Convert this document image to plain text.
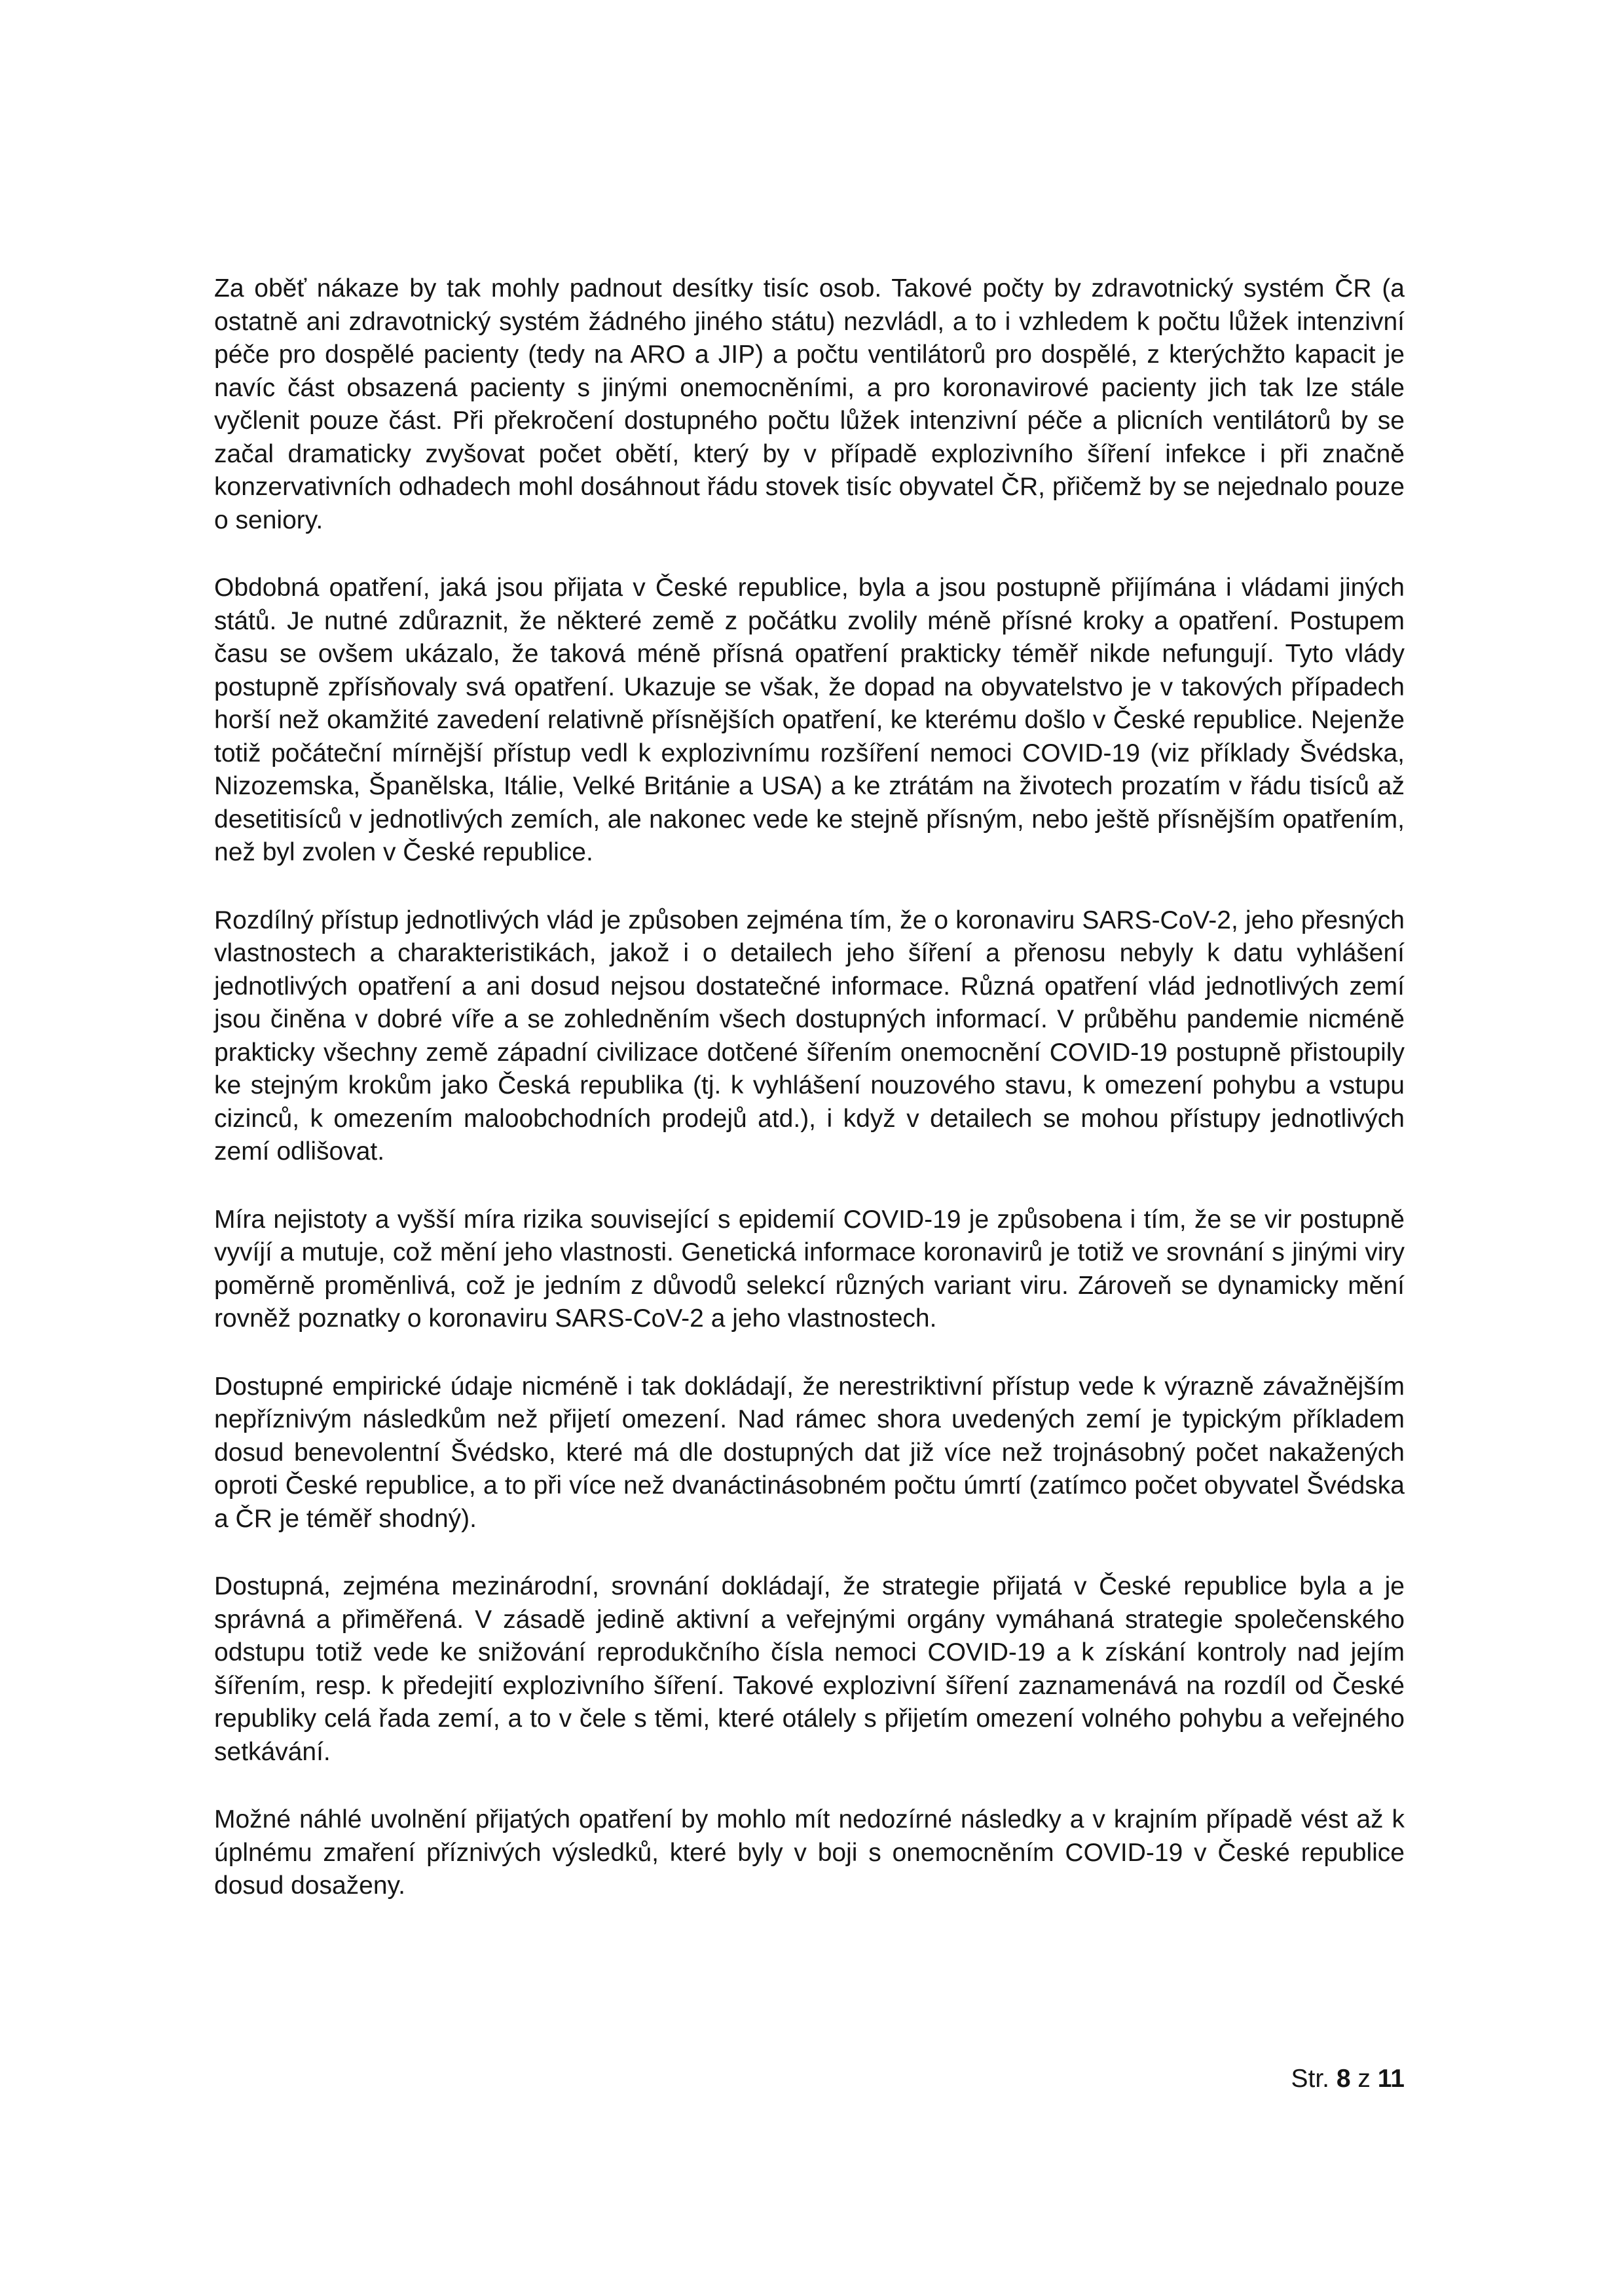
Za oběť nákaze by tak mohly padnout desítky tisíc osob. Takové počty by zdravotnický systém ČR (a ostatně ani zdravotnický systém žádného jiného státu) nezvládl, a to i vzhledem k počtu lůžek intenzivní péče pro dospělé pacienty (tedy na ARO a JIP) a počtu ventilátorů pro dospělé, z kterýchžto kapacit je navíc část obsazená pacienty s jinými onemocněními, a pro koronavirové pacienty jich tak lze stále vyčlenit pouze část. Při překročení dostupného počtu lůžek intenzivní péče a plicních ventilátorů by se začal dramaticky zvyšovat počet obětí, který by v případě explozivního šíření infekce i při značně konzervativních odhadech mohl dosáhnout řádu stovek tisíc obyvatel ČR, přičemž by se nejednalo pouze o seniory.

Obdobná opatření, jaká jsou přijata v České republice, byla a jsou postupně přijímána i vládami jiných států. Je nutné zdůraznit, že některé země z počátku zvolily méně přísné kroky a opatření. Postupem času se ovšem ukázalo, že taková méně přísná opatření prakticky téměř nikde nefungují. Tyto vlády postupně zpřísňovaly svá opatření. Ukazuje se však, že dopad na obyvatelstvo je v takových případech horší než okamžité zavedení relativně přísnějších opatření, ke kterému došlo v České republice. Nejenže totiž počáteční mírnější přístup vedl k explozivnímu rozšíření nemoci COVID-19 (viz příklady Švédska, Nizozemska, Španělska, Itálie, Velké Británie a USA) a ke ztrátám na životech prozatím v řádu tisíců až desetitisíců v jednotlivých zemích, ale nakonec vede ke stejně přísným, nebo ještě přísnějším opatřením, než byl zvolen v České republice.

Rozdílný přístup jednotlivých vlád je způsoben zejména tím, že o koronaviru SARS-CoV-2, jeho přesných vlastnostech a charakteristikách, jakož i o detailech jeho šíření a přenosu nebyly k datu vyhlášení jednotlivých opatření a ani dosud nejsou dostatečné informace. Různá opatření vlád jednotlivých zemí jsou činěna v dobré víře a se zohledněním všech dostupných informací. V průběhu pandemie nicméně prakticky všechny země západní civilizace dotčené šířením onemocnění COVID-19 postupně přistoupily ke stejným krokům jako Česká republika (tj. k vyhlášení nouzového stavu, k omezení pohybu a vstupu cizinců, k omezením maloobchodních prodejů atd.), i když v detailech se mohou přístupy jednotlivých zemí odlišovat.

Míra nejistoty a vyšší míra rizika související s epidemií COVID-19 je způsobena i tím, že se vir postupně vyvíjí a mutuje, což mění jeho vlastnosti. Genetická informace koronavirů je totiž ve srovnání s jinými viry poměrně proměnlivá, což je jedním z důvodů selekcí různých variant viru. Zároveň se dynamicky mění rovněž poznatky o koronaviru SARS-CoV-2 a jeho vlastnostech.

Dostupné empirické údaje nicméně i tak dokládají, že nerestriktivní přístup vede k výrazně závažnějším nepříznivým následkům než přijetí omezení. Nad rámec shora uvedených zemí je typickým příkladem dosud benevolentní Švédsko, které má dle dostupných dat již více než trojnásobný počet nakažených oproti České republice, a to při více než dvanáctinásobném počtu úmrtí (zatímco počet obyvatel Švédska a ČR je téměř shodný).

Dostupná, zejména mezinárodní, srovnání dokládají, že strategie přijatá v České republice byla a je správná a přiměřená. V zásadě jedině aktivní a veřejnými orgány vymáhaná strategie společenského odstupu totiž vede ke snižování reprodukčního čísla nemoci COVID-19 a k získání kontroly nad jejím šířením, resp. k předejití explozivního šíření. Takové explozivní šíření zaznamenává na rozdíl od České republiky celá řada zemí, a to v čele s těmi, které otálely s přijetím omezení volného pohybu a veřejného setkávání.

Možné náhlé uvolnění přijatých opatření by mohlo mít nedozírné následky a v krajním případě vést až k úplnému zmaření příznivých výsledků, které byly v boji s onemocněním COVID-19 v České republice dosud dosaženy.

Str. 8 z 11
